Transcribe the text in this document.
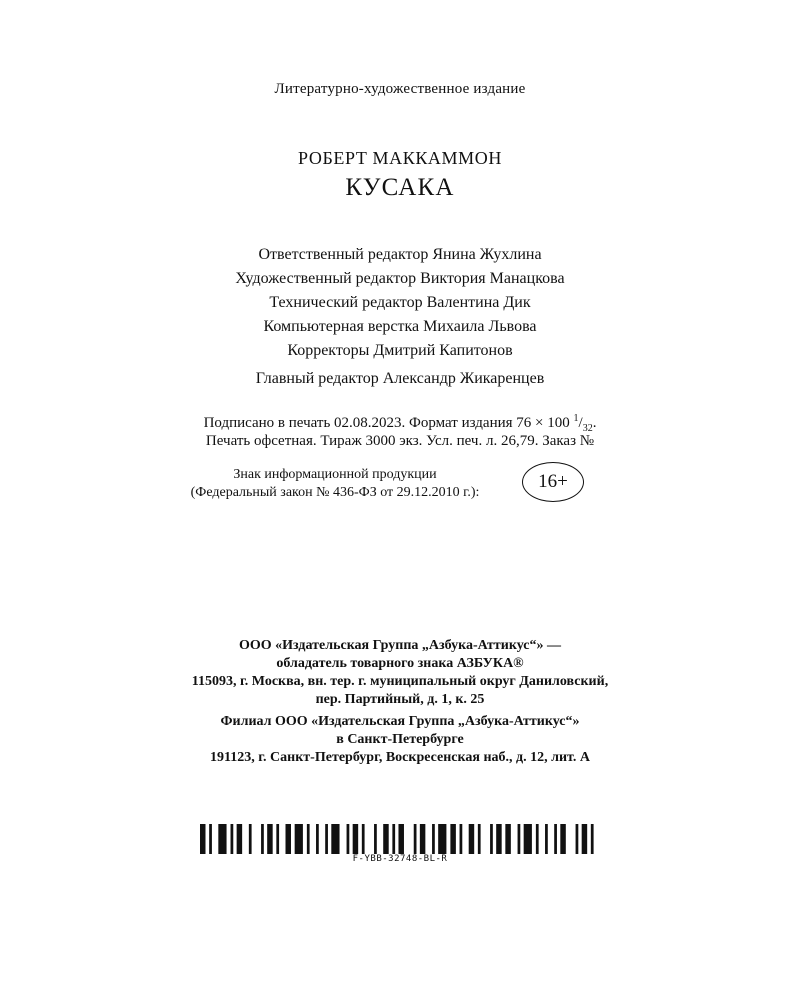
Литературно-художественное издание
РОБЕРТ МАККАММОН
КУСАКА
Ответственный редактор Янина Жухлина
Художественный редактор Виктория Манацкова
Технический редактор Валентина Дик
Компьютерная верстка Михаила Львова
Корректоры Дмитрий Капитонов
Главный редактор Александр Жикаренцев
Подписано в печать 02.08.2023. Формат издания 76 × 100 $^1/_{32}$.
Печать офсетная. Тираж 3000 экз. Усл. печ. л. 26,79. Заказ №
Знак информационной продукции
(Федеральный закон № 436-ФЗ от 29.12.2010 г.):
16+
ООО «Издательская Группа „Азбука-Аттикус“» —
обладатель товарного знака АЗБУКА®
115093, г. Москва, вн. тер. г. муниципальный округ Даниловский,
пер. Партийный, д. 1, к. 25
Филиал ООО «Издательская Группа „Азбука-Аттикус“»
в Санкт-Петербурге
191123, г. Санкт-Петербург, Воскресенская наб., д. 12, лит. А
F-YBB-32748-BL-R
